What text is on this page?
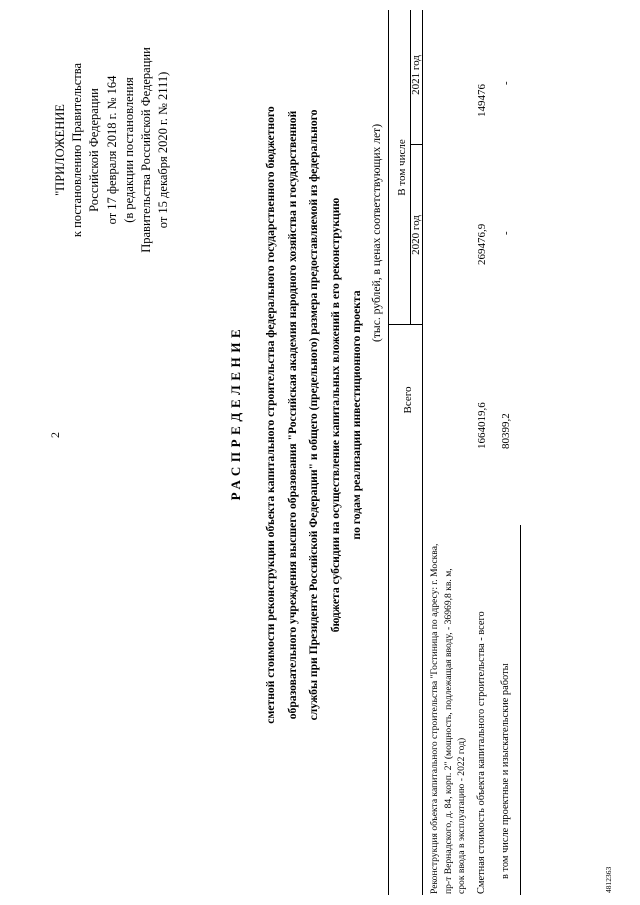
2
"ПРИЛОЖЕНИЕ к постановлению Правительства Российской Федерации от 17 февраля 2018 г. № 164 (в редакции постановления Правительства Российской Федерации от 15 декабря 2020 г. № 2111)
РАСПРЕДЕЛЕНИЕ	сметной стоимости реконструкции объекта капитального строительства федерального государственного бюджетного образовательного учреждения высшего образования "Российская академия народного хозяйства и государственной службы при Президенте Российской Федерации" и общего (предельного) размера предоставляемой из федерального бюджета субсидии на осуществление капитальных вложений в его реконструкцию по годам реализации инвестиционного проекта
(тыс. рублей, в ценах соответствующих лет)
Всего
В том числе
2020 год
2021 год
Реконструкция объекта капитального строительства "Гостиница по адресу: г. Москва, пр-т Вернадского, д. 84, корп. 2" (мощность, подлежащая вводу, - 36969,8 кв. м, срок ввода в эксплуатацию - 2022 год) Сметная стоимость объекта капитального строительства - всего
1664019,6
269476,9
149476
в том числе проектные и изыскательские работы
80399,2
-
-
4812363
